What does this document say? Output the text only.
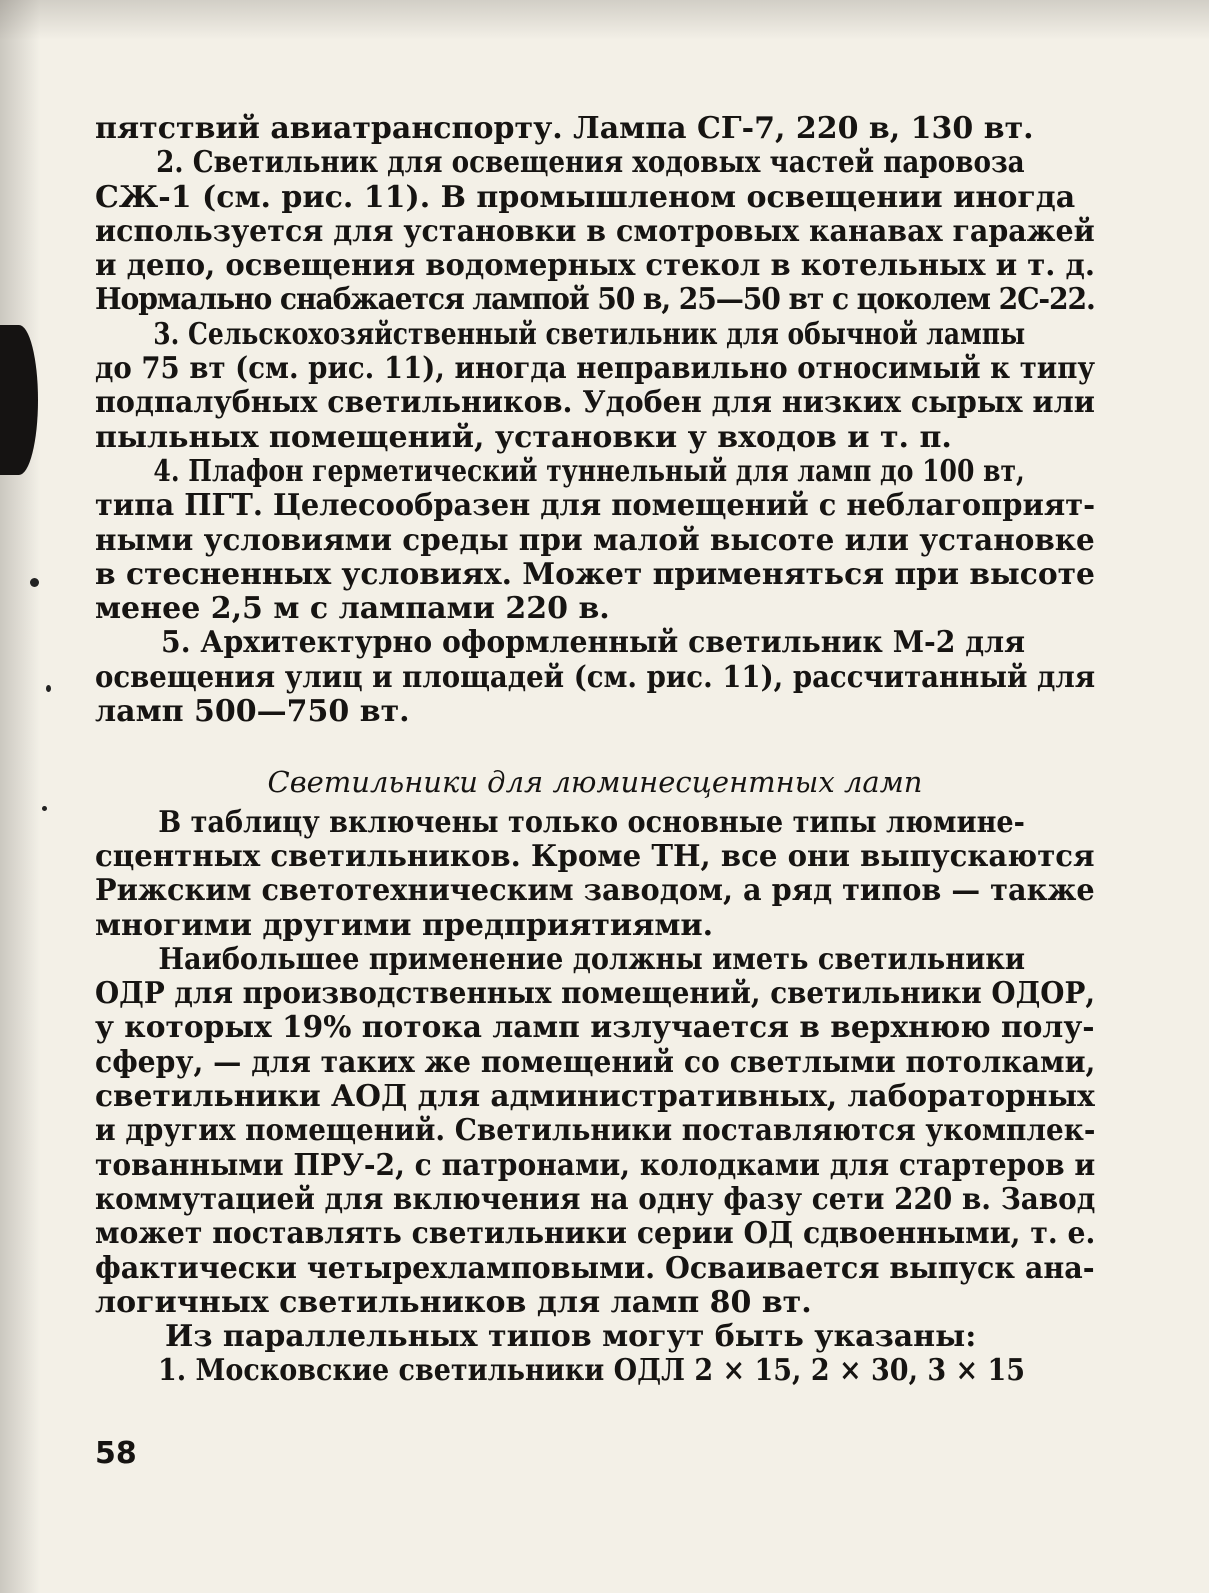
пятствий авиатранспорту. Лампа СГ-7, 220 в, 130 вт.
2. Светильник для освещения ходовых частей паровоза
СЖ-1 (см. рис. 11). В промышленом освещении иногда
используется для установки в смотровых канавах гаражей
и депо, освещения водомерных стекол в котельных и т. д.
Нормально снабжается лампой 50 в, 25—50 вт с цоколем 2С-22.
3. Сельскохозяйственный светильник для обычной лампы
до 75 вт (см. рис. 11), иногда неправильно относимый к типу
подпалубных светильников. Удобен для низких сырых или
пыльных помещений, установки у входов и т. п.
4. Плафон герметический туннельный для ламп до 100 вт,
типа ПГТ. Целесообразен для помещений с неблагоприят-
ными условиями среды при малой высоте или установке
в стесненных условиях. Может применяться при высоте
менее 2,5 м с лампами 220 в.
5. Архитектурно оформленный светильник М-2 для
освещения улиц и площадей (см. рис. 11), рассчитанный для
ламп 500—750 вт.

Светильники для люминесцентных ламп

В таблицу включены только основные типы люмине-
сцентных светильников. Кроме ТН, все они выпускаются
Рижским светотехническим заводом, а ряд типов — также
многими другими предприятиями.
Наибольшее применение должны иметь светильники
ОДР для производственных помещений, светильники ОДОР,
у которых 19% потока ламп излучается в верхнюю полу-
сферу, — для таких же помещений со светлыми потолками,
светильники АОД для административных, лабораторных
и других помещений. Светильники поставляются укомплек-
тованными ПРУ-2, с патронами, колодками для стартеров и
коммутацией для включения на одну фазу сети 220 в. Завод
может поставлять светильники серии ОД сдвоенными, т. е.
фактически четырехламповыми. Осваивается выпуск ана-
логичных светильников для ламп 80 вт.
Из параллельных типов могут быть указаны:
1. Московские светильники ОДЛ 2 × 15, 2 × 30, 3 × 15

58
